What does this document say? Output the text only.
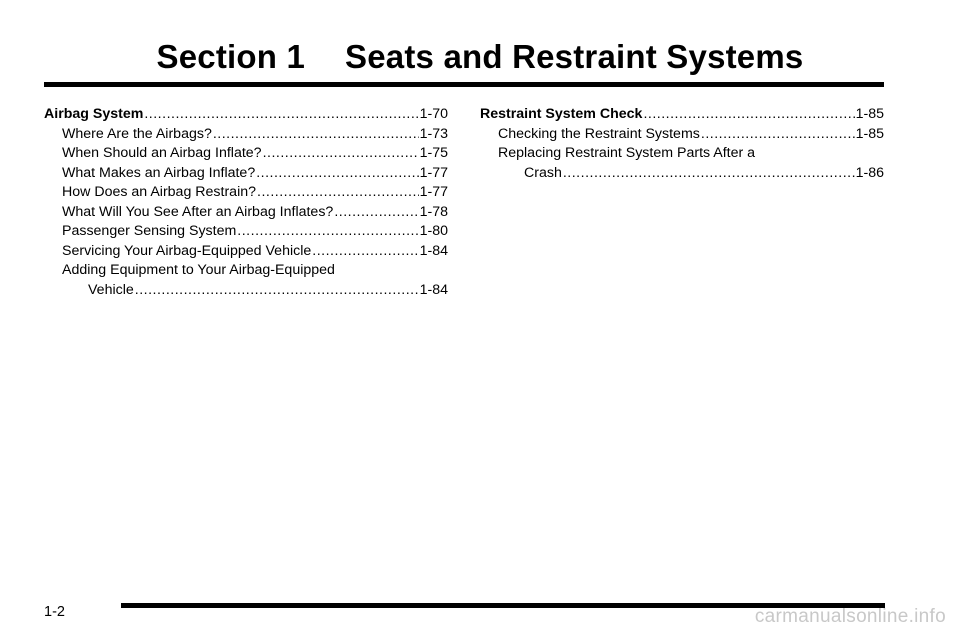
Section 1 Seats and Restraint Systems
Airbag System .....	1-70
Where Are the Airbags? .....	1-73
When Should an Airbag Inflate? .....	1-75
What Makes an Airbag Inflate? .....	1-77
How Does an Airbag Restrain? .....	1-77
What Will You See After an Airbag Inflates? .....	1-78
Passenger Sensing System .....	1-80
Servicing Your Airbag-Equipped Vehicle .....	1-84
Adding Equipment to Your Airbag-Equipped
Vehicle .....	1-84
Restraint System Check .....	1-85
Checking the Restraint Systems .....	1-85
Replacing Restraint System Parts After a
Crash .....	1-86
1-2	carmanualsonline.info
